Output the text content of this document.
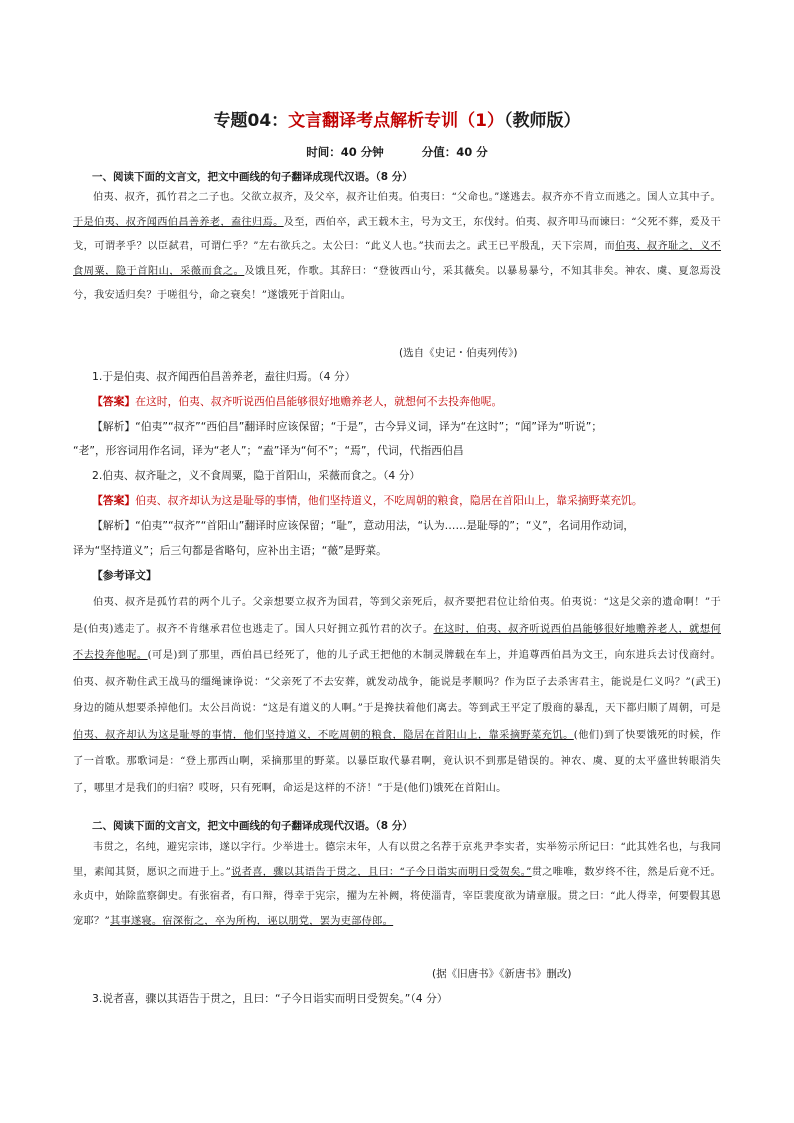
专题04：文言翻译考点解析专训（1）（教师版）
时间：40 分钟	分值：40 分
一、阅读下面的文言文，把文中画线的句子翻译成现代汉语。（8 分）
伯夷、叔齐，孤竹君之二子也。父欲立叔齐，及父卒，叔齐让伯夷。伯夷曰：“父命也。”遂逃去。叔齐亦不肯立而逃之。国人立其中子。于是伯夷、叔齐闻西伯昌善养老，盍往归焉。及至，西伯卒，武王载木主，号为文王，东伐纣。伯夷、叔齐叩马而谏曰：“父死不葬，爰及干戈，可谓孝乎？以臣弑君，可谓仁乎？”左右欲兵之。太公曰：“此义人也。”扶而去之。武王已平殷乱，天下宗周，而伯夷、叔齐耻之，义不食周粟，隐于首阳山，采薇而食之。及饿且死，作歌。其辞曰：“登彼西山兮，采其薇矣。以暴易暴兮，不知其非矣。神农、虞、夏忽焉没兮，我安适归矣？于嗟徂兮，命之衰矣！”遂饿死于首阳山。
(选自《史记・伯夷列传》)
1.于是伯夷、叔齐闻西伯昌善养老，盍往归焉。（4 分）
【答案】在这时，伯夷、叔齐听说西伯昌能够很好地赡养老人，就想何不去投奔他呢。
【解析】“伯夷”“叔齐”“西伯昌”翻译时应该保留；“于是”，古今异义词，译为“在这时”；“闻”译为“听说”；
“老”，形容词用作名词，译为“老人”；“盍”译为“何不”；“焉”，代词，代指西伯昌
2.伯夷、叔齐耻之，义不食周粟，隐于首阳山，采薇而食之。（4 分）
【答案】伯夷、叔齐却认为这是耻辱的事情，他们坚持道义，不吃周朝的粮食，隐居在首阳山上，靠采摘野菜充饥。
【解析】“伯夷”“叔齐”“首阳山”翻译时应该保留；“耻”，意动用法，“认为……是耻辱的”；“义”，名词用作动词，
译为“坚持道义”；后三句都是省略句，应补出主语；“薇”是野菜。
【参考译文】
伯夷、叔齐是孤竹君的两个儿子。父亲想要立叔齐为国君，等到父亲死后，叔齐要把君位让给伯夷。伯夷说：“这是父亲的遗命啊！”于是(伯夷)逃走了。叔齐不肯继承君位也逃走了。国人只好拥立孤竹君的次子。在这时，伯夷、叔齐听说西伯昌能够很好地赡养老人，就想何不去投奔他呢。(可是)到了那里，西伯昌已经死了，他的儿子武王把他的木制灵牌载在车上，并追尊西伯昌为文王，向东进兵去讨伐商纣。伯夷、叔齐勒住武王战马的缰绳谏诤说：“父亲死了不去安葬，就发动战争，能说是孝顺吗？作为臣子去杀害君主，能说是仁义吗？”(武王)身边的随从想要杀掉他们。太公吕尚说：“这是有道义的人啊。”于是搀扶着他们离去。等到武王平定了殷商的暴乱，天下都归顺了周朝，可是伯夷、叔齐却认为这是耻辱的事情，他们坚持道义，不吃周朝的粮食，隐居在首阳山上，靠采摘野菜充饥。(他们)到了快要饿死的时候，作了一首歌。那歌词是：“登上那西山啊，采摘那里的野菜。以暴臣取代暴君啊，竟认识不到那是错误的。神农、虞、夏的太平盛世转眼消失了，哪里才是我们的归宿？哎呀，只有死啊，命运是这样的不济！”于是(他们)饿死在首阳山。
二、阅读下面的文言文，把文中画线的句子翻译成现代汉语。（8 分）
韦贯之，名纯，避宪宗讳，遂以字行。少举进士。德宗末年，人有以贯之名荐于京兆尹李实者，实举笏示所记曰：“此其姓名也，与我同里，素闻其贤，愿识之而进于上。”说者喜，骤以其语告于贯之，且曰：“子今日诣实而明日受贺矣。”贯之唯唯，数岁终不往，然是后竟不迁。永贞中，始除监察御史。有张宿者，有口辩，得幸于宪宗，擢为左补阙，将使淄青，宰臣裴度欲为请章服。贯之曰：“此人得幸，何要假其恩宠耶？”其事遂寝。宿深衔之，卒为所构，诬以朋党，罢为吏部侍郎。
(据《旧唐书》《新唐书》删改)
3.说者喜，骤以其语告于贯之，且曰：“子今日诣实而明日受贺矣。”（4 分）
